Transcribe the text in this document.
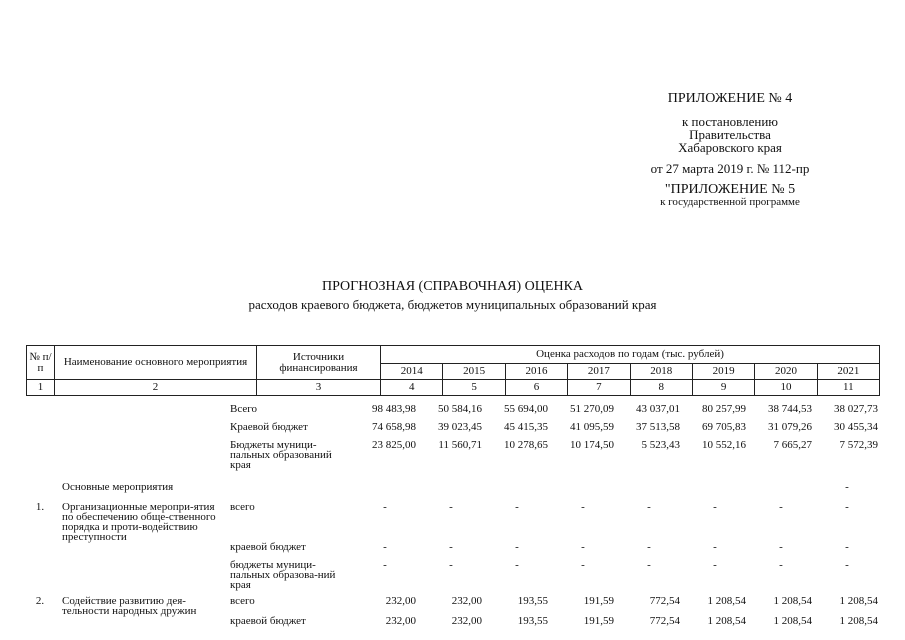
ПРИЛОЖЕНИЕ № 4
к постановлению
Правительства
Хабаровского края
от 27 марта 2019 г. № 112-пр
"ПРИЛОЖЕНИЕ № 5
к государственной программе
ПРОГНОЗНАЯ (СПРАВОЧНАЯ) ОЦЕНКА
расходов краевого бюджета, бюджетов муниципальных образований края
№ п/п	Наименование основного мероприятия	Источники финансирования	Оценка расходов по годам (тыс. рублей)							
			2014	2015	2016	2017	2018	2019	2020	2021
1	2	3	4	5	6	7	8	9	10	11
		Всего	98 483,98	50 584,16	55 694,00	51 270,09	43 037,01	80 257,99	38 744,53	38 027,73
		Краевой бюджет	74 658,98	39 023,45	45 415,35	41 095,59	37 513,58	69 705,83	31 079,26	30 455,34
		Бюджеты муници-пальных образований края	23 825,00	11 560,71	10 278,65	10 174,50	5 523,43	10 552,16	7 665,27	7 572,39
	Основные мероприятия									-
1.	Организационные меропри-ятия по обеспечению обще-ственного порядка и проти-водействию преступности	всего	-	-	-	-	-	-	-	-
		краевой бюджет	-	-	-	-	-	-	-	-
		бюджеты муници-пальных образова-ний края	-	-	-	-	-	-	-	-
2.	Содействие развитию дея-тельности народных дружин	всего	232,00	232,00	193,55	191,59	772,54	1 208,54	1 208,54	1 208,54
		краевой бюджет	232,00	232,00	193,55	191,59	772,54	1 208,54	1 208,54	1 208,54
